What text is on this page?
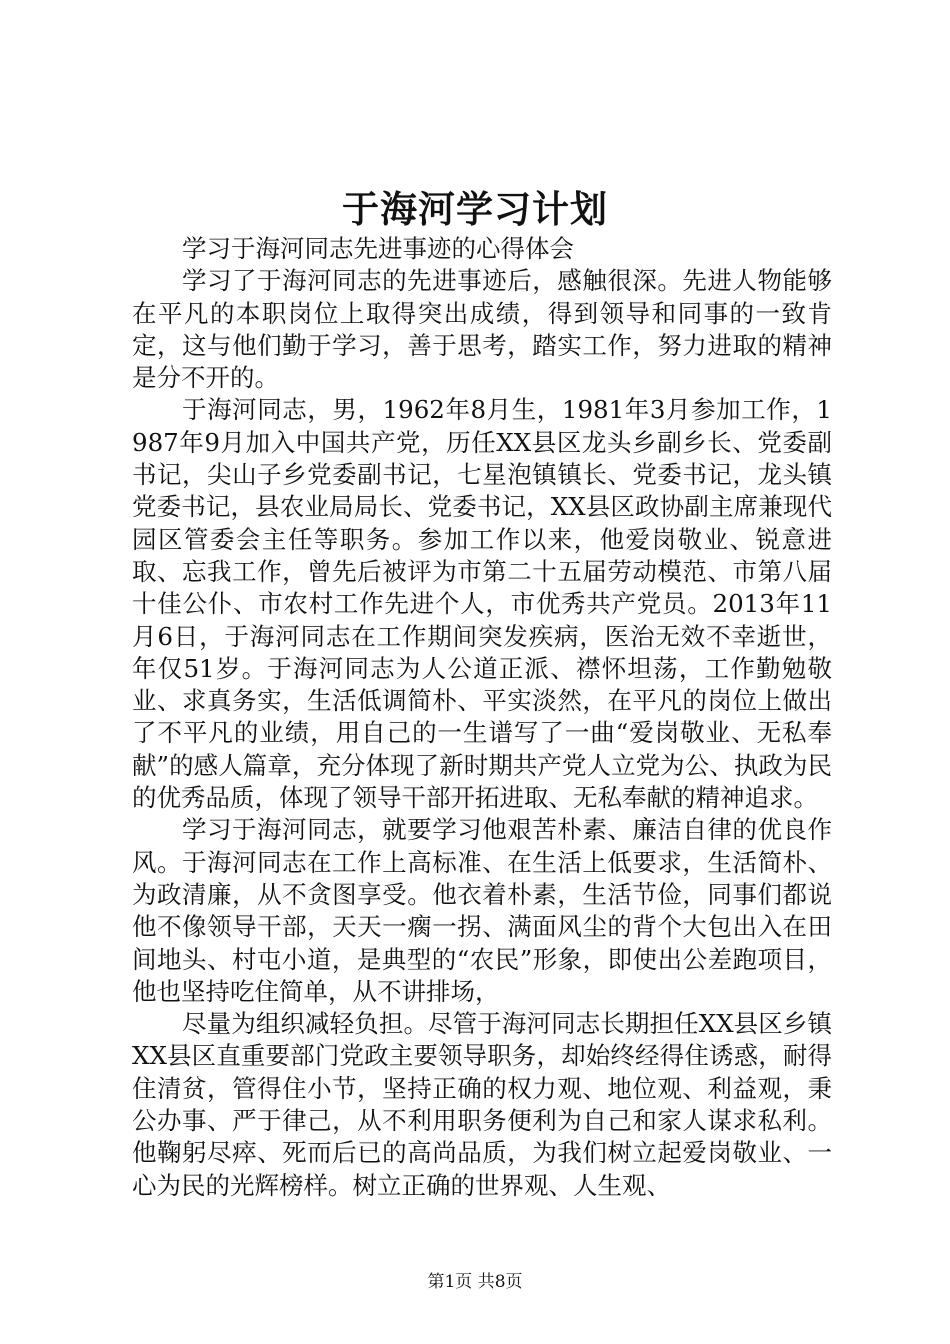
于海河学习计划

学习于海河同志先进事迹的心得体会

学习了于海河同志的先进事迹后，感触很深。先进人物能够在平凡的本职岗位上取得突出成绩，得到领导和同事的一致肯定，这与他们勤于学习，善于思考，踏实工作，努力进取的精神是分不开的。

于海河同志，男，1962年8月生，1981年3月参加工作，1987年9月加入中国共产党，历任XX县区龙头乡副乡长、党委副书记，尖山子乡党委副书记，七星泡镇镇长、党委书记，龙头镇党委书记，县农业局局长、党委书记，XX县区政协副主席兼现代园区管委会主任等职务。参加工作以来，他爱岗敬业、锐意进取、忘我工作，曾先后被评为市第二十五届劳动模范、市第八届十佳公仆、市农村工作先进个人，市优秀共产党员。2013年11月6日，于海河同志在工作期间突发疾病，医治无效不幸逝世，年仅51岁。于海河同志为人公道正派、襟怀坦荡，工作勤勉敬业、求真务实，生活低调简朴、平实淡然，在平凡的岗位上做出了不平凡的业绩，用自己的一生谱写了一曲“爱岗敬业、无私奉献”的感人篇章，充分体现了新时期共产党人立党为公、执政为民的优秀品质，体现了领导干部开拓进取、无私奉献的精神追求。

学习于海河同志，就要学习他艰苦朴素、廉洁自律的优良作风。于海河同志在工作上高标准、在生活上低要求，生活简朴、为政清廉，从不贪图享受。他衣着朴素，生活节俭，同事们都说他不像领导干部，天天一瘸一拐、满面风尘的背个大包出入在田间地头、村屯小道，是典型的“农民”形象，即使出公差跑项目，他也坚持吃住简单，从不讲排场，

尽量为组织减轻负担。尽管于海河同志长期担任XX县区乡镇XX县区直重要部门党政主要领导职务，却始终经得住诱惑，耐得住清贫，管得住小节，坚持正确的权力观、地位观、利益观，秉公办事、严于律己，从不利用职务便利为自己和家人谋求私利。他鞠躬尽瘁、死而后已的高尚品质，为我们树立起爱岗敬业、一心为民的光辉榜样。树立正确的世界观、人生观、

第1页 共8页
